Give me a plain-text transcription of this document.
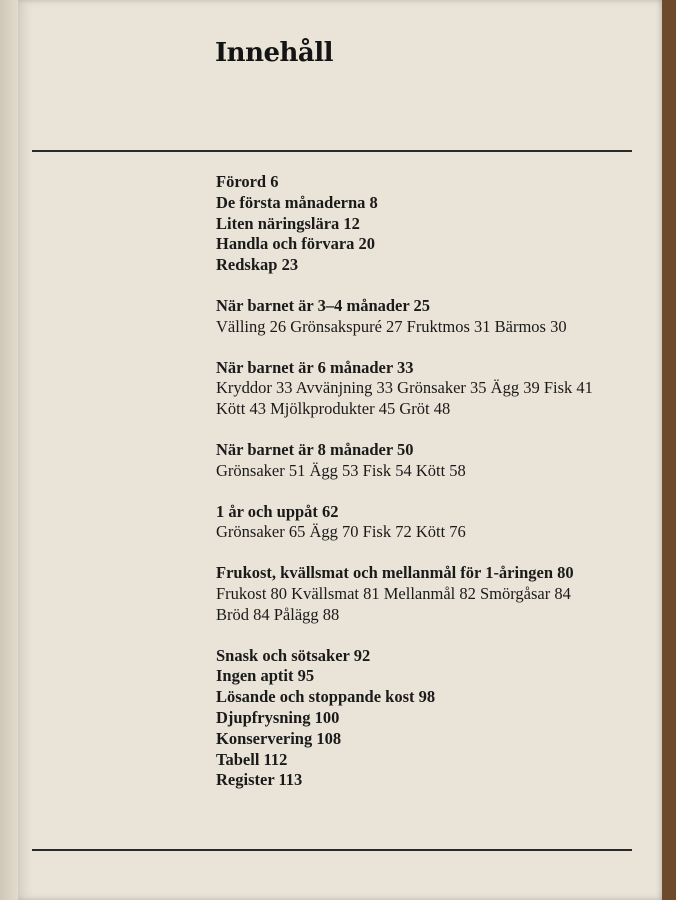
Innehåll
Förord 6
De första månaderna 8
Liten näringslära 12
Handla och förvara 20
Redskap 23
När barnet är 3–4 månader 25
Välling 26 Grönsakspuré 27 Fruktmos 31 Bärmos 30
När barnet är 6 månader 33
Kryddor 33 Avvänjning 33 Grönsaker 35 Ägg 39 Fisk 41
Kött 43 Mjölkprodukter 45 Gröt 48
När barnet är 8 månader 50
Grönsaker 51 Ägg 53 Fisk 54 Kött 58
1 år och uppåt 62
Grönsaker 65 Ägg 70 Fisk 72 Kött 76
Frukost, kvällsmat och mellanmål för 1-åringen 80
Frukost 80 Kvällsmat 81 Mellanmål 82 Smörgåsar 84
Bröd 84 Pålägg 88
Snask och sötsaker 92
Ingen aptit 95
Lösande och stoppande kost 98
Djupfrysning 100
Konservering 108
Tabell 112
Register 113
